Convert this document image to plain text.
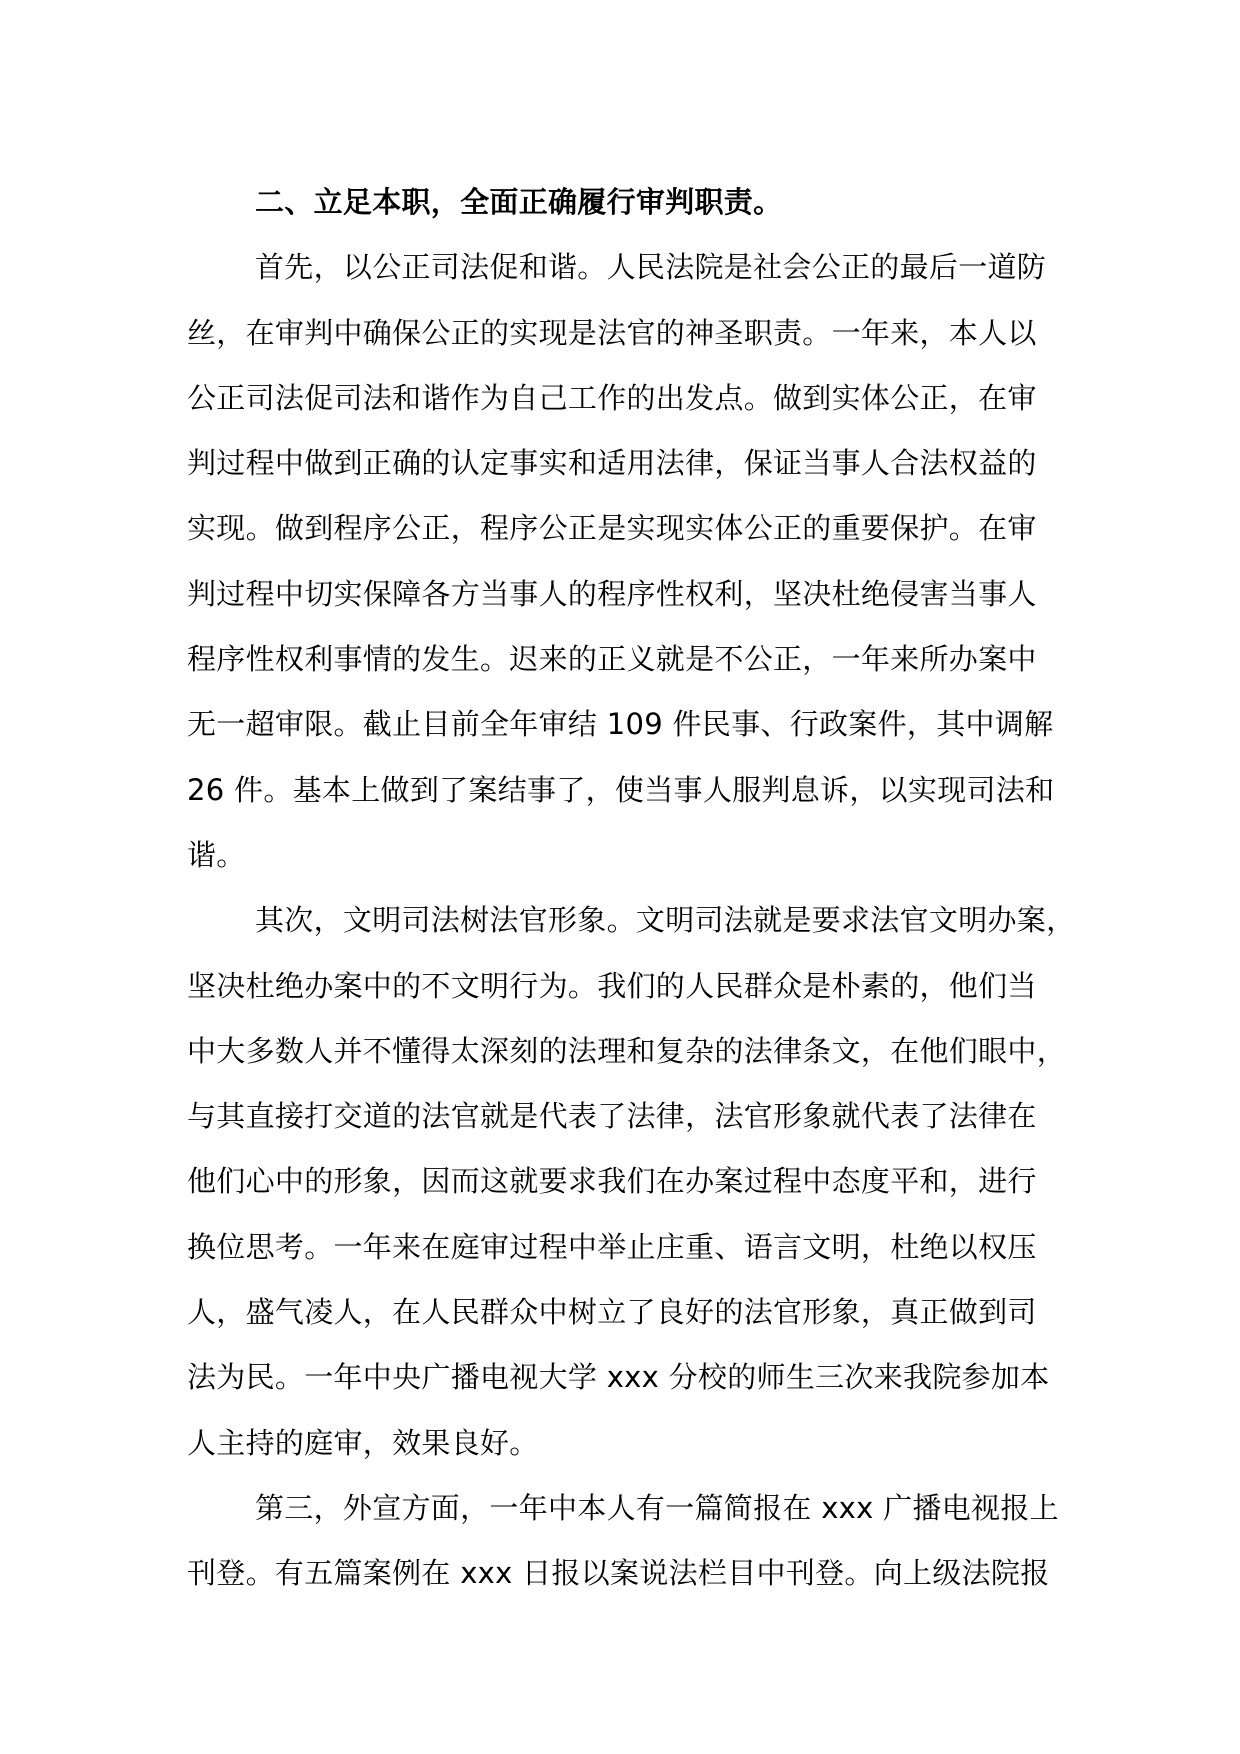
二、立足本职，全面正确履行审判职责。
首先，以公正司法促和谐。人民法院是社会公正的最后一道防
丝，在审判中确保公正的实现是法官的神圣职责。一年来，本人以
公正司法促司法和谐作为自己工作的出发点。做到实体公正，在审
判过程中做到正确的认定事实和适用法律，保证当事人合法权益的
实现。做到程序公正，程序公正是实现实体公正的重要保护。在审
判过程中切实保障各方当事人的程序性权利，坚决杜绝侵害当事人
程序性权利事情的发生。迟来的正义就是不公正，一年来所办案中
无一超审限。截止目前全年审结 109 件民事、行政案件，其中调解
26 件。基本上做到了案结事了，使当事人服判息诉，以实现司法和
谐。
其次，文明司法树法官形象。文明司法就是要求法官文明办案，
坚决杜绝办案中的不文明行为。我们的人民群众是朴素的，他们当
中大多数人并不懂得太深刻的法理和复杂的法律条文，在他们眼中，
与其直接打交道的法官就是代表了法律，法官形象就代表了法律在
他们心中的形象，因而这就要求我们在办案过程中态度平和，进行
换位思考。一年来在庭审过程中举止庄重、语言文明，杜绝以权压
人，盛气凌人，在人民群众中树立了良好的法官形象，真正做到司
法为民。一年中央广播电视大学 xxx 分校的师生三次来我院参加本
人主持的庭审，效果良好。
第三，外宣方面，一年中本人有一篇简报在 xxx 广播电视报上
刊登。有五篇案例在 xxx 日报以案说法栏目中刊登。向上级法院报
